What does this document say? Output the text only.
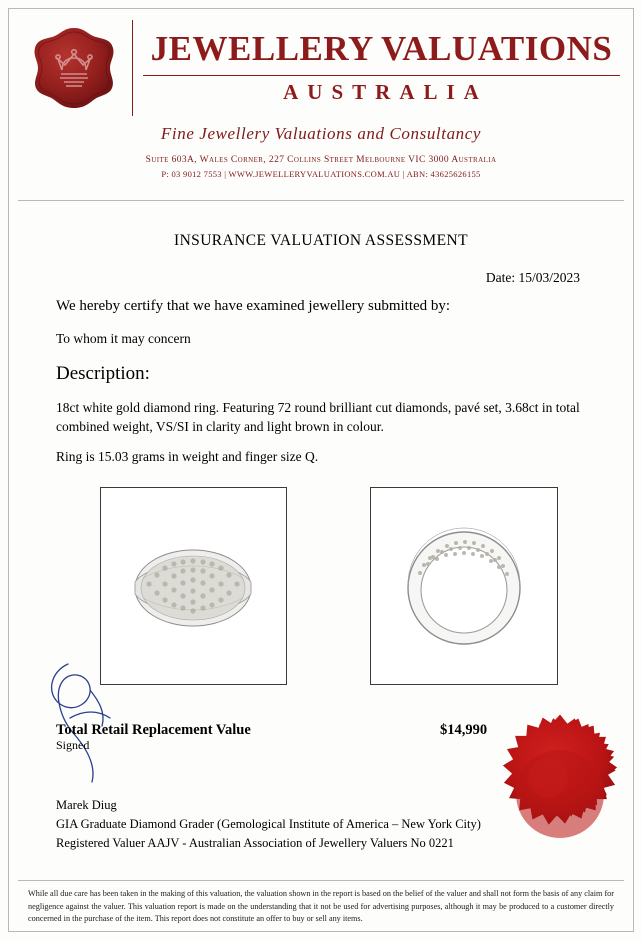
JEWELLERY VALUATIONS
AUSTRALIA
Fine Jewellery Valuations and Consultancy
Suite 603A, Wales Corner, 227 Collins Street Melbourne VIC 3000 Australia
P: 03 9012 7553 | WWW.JEWELLERYVALUATIONS.COM.AU | ABN: 43625626155
INSURANCE VALUATION ASSESSMENT
Date: 15/03/2023
We hereby certify that we have examined jewellery submitted by:
To whom it may concern
Description:
18ct white gold diamond ring. Featuring 72 round brilliant cut diamonds, pavé set, 3.68ct in total combined weight, VS/SI in clarity and light brown in colour.
Ring is 15.03 grams in weight and finger size Q.
Total Retail Replacement Value	$14,990
Signed
Marek Diug
GIA Graduate Diamond Grader (Gemological Institute of America – New York City)
Registered Valuer AAJV - Australian Association of Jewellery Valuers No 0221
While all due care has been taken in the making of this valuation, the valuation shown in the report is based on the belief of the valuer and shall not form the basis of any claim for negligence against the valuer. This valuation report is made on the understanding that it not be used for advertising purposes, although it may be produced to a customer directly concerned in the purchase of the item. This report does not constitute an offer to buy or sell any items.
